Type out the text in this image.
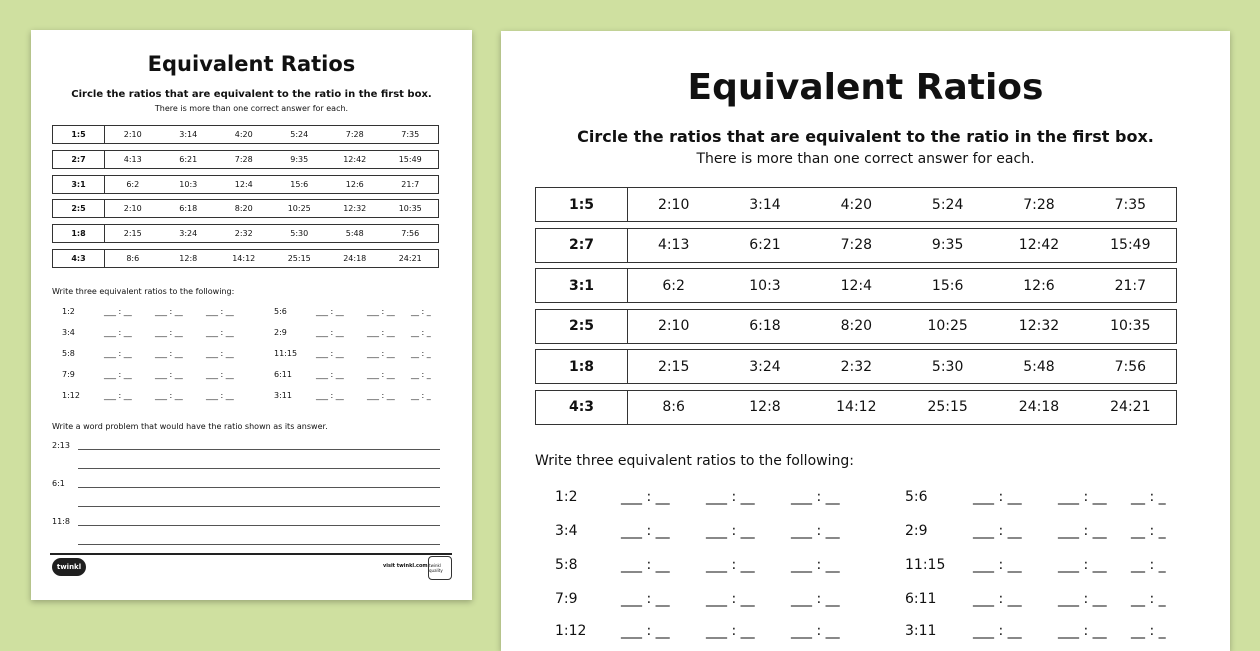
Equivalent Ratios
Circle the ratios that are equivalent to the ratio in the first box.
There is more than one correct answer for each.
1:5	2:10	3:14	4:20	5:24	7:28	7:35
2:7	4:13	6:21	7:28	9:35	12:42	15:49
3:1	6:2	10:3	12:4	15:6	12:6	21:7
2:5	2:10	6:18	8:20	10:25	12:32	10:35
1:8	2:15	3:24	2:32	5:30	5:48	7:56
4:3	8:6	12:8	14:12	25:15	24:18	24:21
Write three equivalent ratios to the following:
1:2	___ : __	___ : __	___ : __	5:6	___ : __	___ : __	__ : _
3:4	___ : __	___ : __	___ : __	2:9	___ : __	___ : __	__ : _
5:8	___ : __	___ : __	___ : __	11:15	___ : __	___ : __	__ : _
7:9	___ : __	___ : __	___ : __	6:11	___ : __	___ : __	__ : _
1:12	___ : __	___ : __	___ : __	3:11	___ : __	___ : __	__ : _
Write a word problem that would have the ratio shown as its answer.
2:13
6:1
11:8
twinkl	visit twinkl.com twinkl quality
Equivalent Ratios
Circle the ratios that are equivalent to the ratio in the first box.
There is more than one correct answer for each.
1:5	2:10	3:14	4:20	5:24	7:28	7:35
2:7	4:13	6:21	7:28	9:35	12:42	15:49
3:1	6:2	10:3	12:4	15:6	12:6	21:7
2:5	2:10	6:18	8:20	10:25	12:32	10:35
1:8	2:15	3:24	2:32	5:30	5:48	7:56
4:3	8:6	12:8	14:12	25:15	24:18	24:21
Write three equivalent ratios to the following:
1:2	___ : __	___ : __	___ : __	5:6	___ : __	___ : __	__ : _
3:4	___ : __	___ : __	___ : __	2:9	___ : __	___ : __	__ : _
5:8	___ : __	___ : __	___ : __	11:15	___ : __	___ : __	__ : _
7:9	___ : __	___ : __	___ : __	6:11	___ : __	___ : __	__ : _
1:12	___ : __	___ : __	___ : __	3:11	___ : __	___ : __	__ : _
